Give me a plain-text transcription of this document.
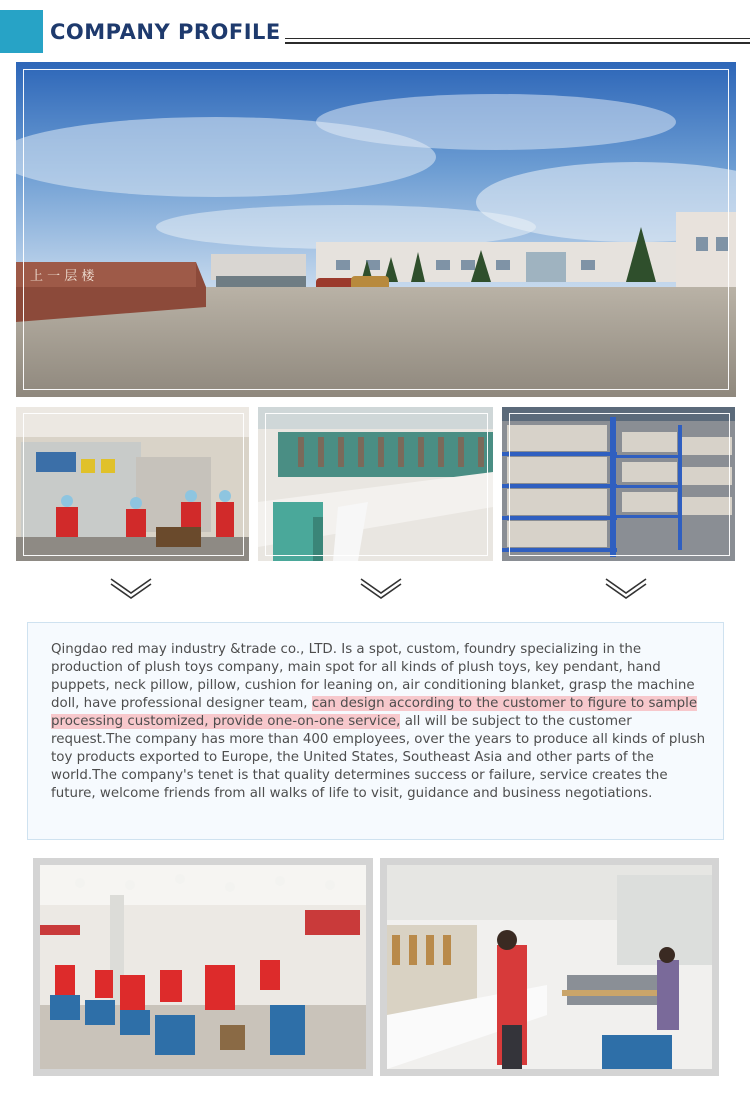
COMPANY PROFILE
上 一 层 楼
Qingdao red may industry &trade co., LTD. Is a spot, custom, foundry specializing in the production of plush toys company, main spot for all kinds of plush toys, key pendant, hand puppets, neck pillow, pillow, cushion for leaning on, air conditioning blanket, grasp the machine doll, have professional designer team, can design according to the customer to figure to sample processing customized, provide one-on-one service, all will be subject to the customer request.The company has more than 400 employees, over the years to produce all kinds of plush toy products exported to Europe, the United States, Southeast Asia and other parts of the world.The company's tenet is that quality determines success or failure, service creates the future, welcome friends from all walks of life to visit, guidance and business negotiations.
